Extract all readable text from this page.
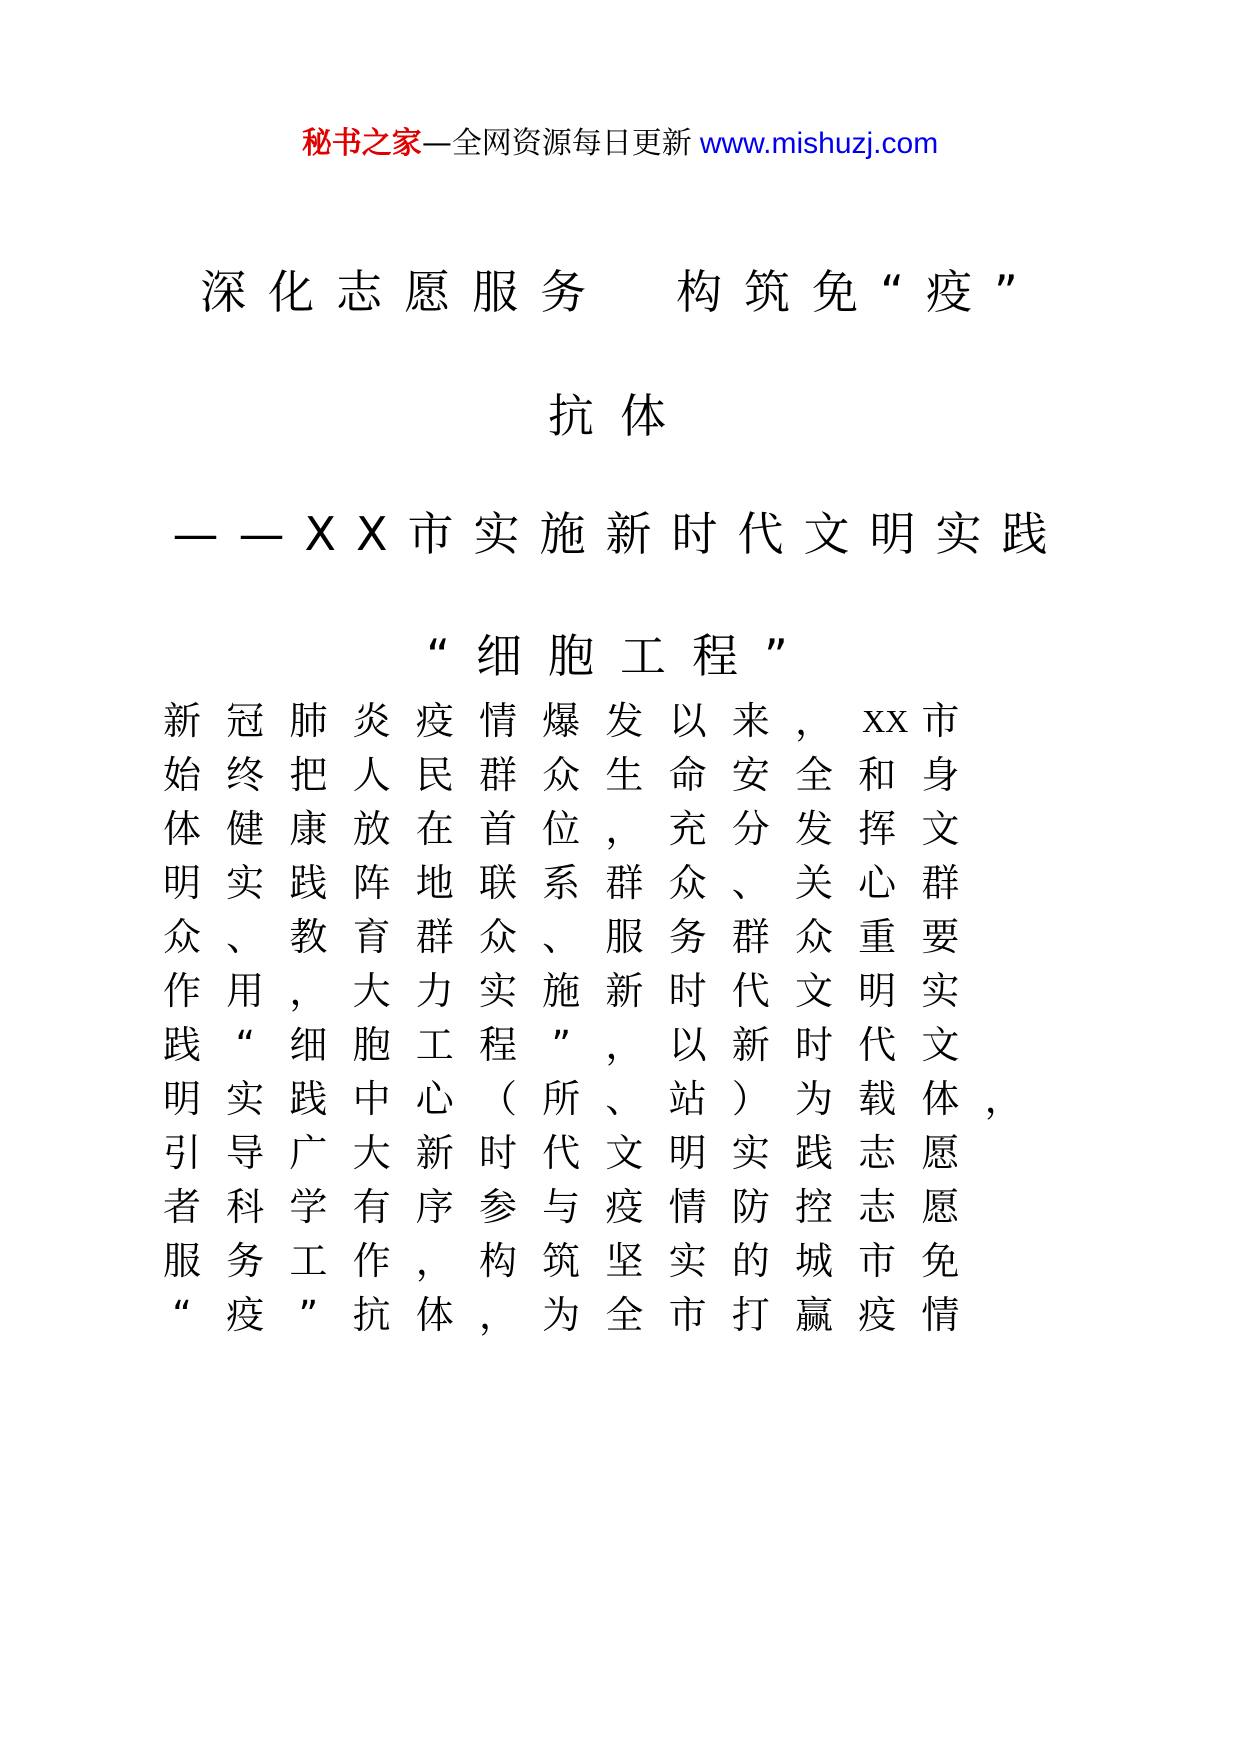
秘书之家—全网资源每日更新 www.mishuzj.com
深化志愿服务　构筑免“疫”
抗体
——XX市实施新时代文明实践
“细胞工程”
新 冠 肺 炎 疫 情 爆 发 以 来 ， XX 市
始 终 把 人 民 群 众 生 命 安 全 和 身
体 健 康 放 在 首 位 ， 充 分 发 挥 文
明 实 践 阵 地 联 系 群 众 、 关 心 群
众 、 教 育 群 众 、 服 务 群 众 重 要
作 用 ， 大 力 实 施 新 时 代 文 明 实
践 “ 细 胞 工 程 ” ， 以 新 时 代 文
明 实 践 中 心 （ 所 、 站 ） 为 载 体 ，
引 导 广 大 新 时 代 文 明 实 践 志 愿
者 科 学 有 序 参 与 疫 情 防 控 志 愿
服 务 工 作 ， 构 筑 坚 实 的 城 市 免
“ 疫 ” 抗 体 ， 为 全 市 打 赢 疫 情
